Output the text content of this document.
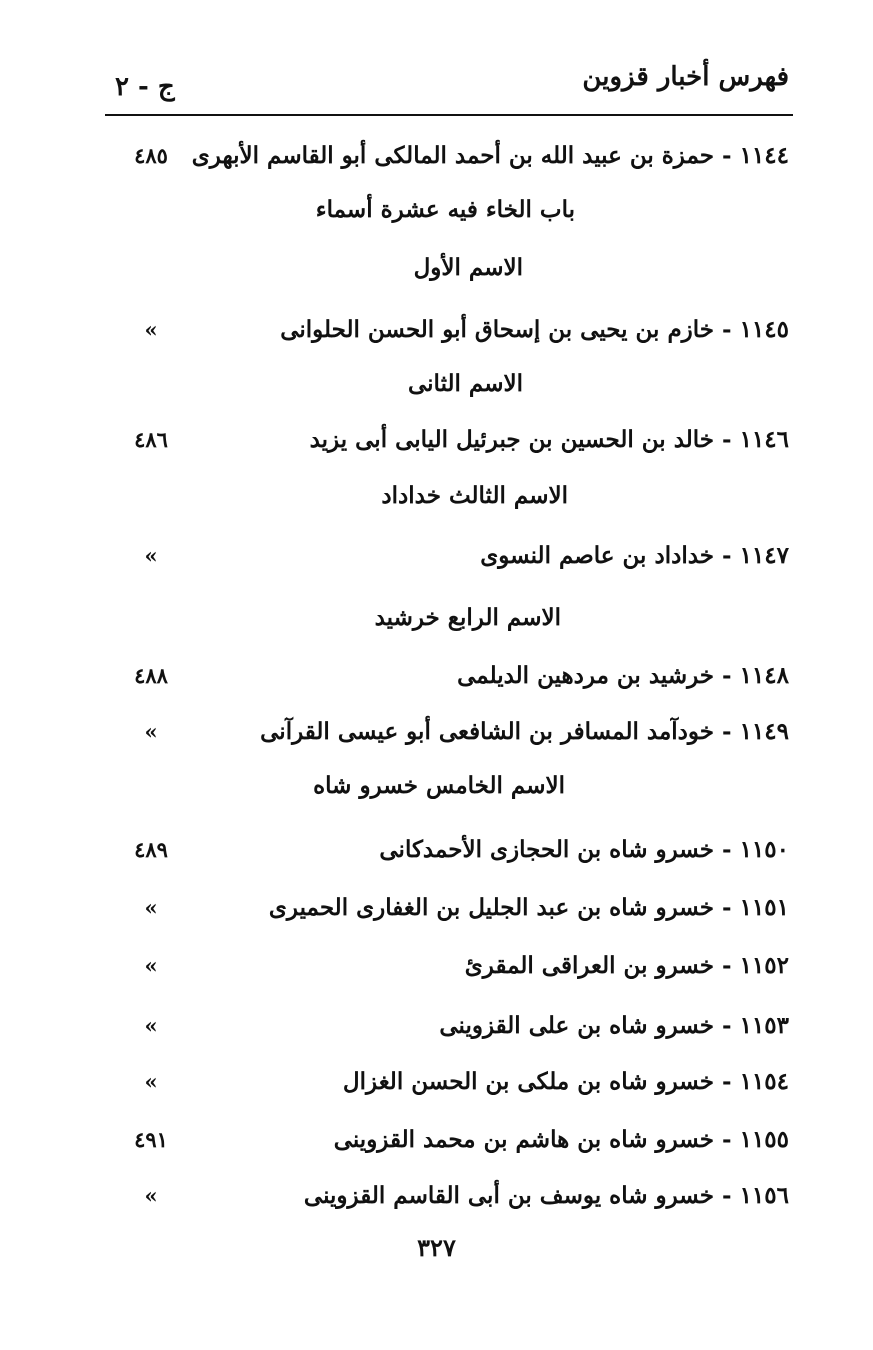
فهرس أخبار قزوين
ج - ٢
١١٤٤ - حمزة بن عبيد الله بن أحمد المالكى أبو القاسم الأبهرى
٤٨٥
باب الخاء فيه عشرة أسماء
الاسم الأول
١١٤٥ - خازم بن يحيى بن إسحاق أبو الحسن الحلوانى
»
الاسم الثانى
١١٤٦ - خالد بن الحسين بن جبرئيل اليابى أبى يزيد
٤٨٦
الاسم الثالث خداداد
١١٤٧ - خداداد بن عاصم النسوى
»
الاسم الرابع خرشيد
١١٤٨ - خرشيد بن مردهين الديلمى
٤٨٨
١١٤٩ - خودآمد المسافر بن الشافعى أبو عيسى القرآنى
»
الاسم الخامس خسرو شاه
١١٥٠ - خسرو شاه بن الحجازى الأحمدكانى
٤٨٩
١١٥١ - خسرو شاه بن عبد الجليل بن الغفارى الحميرى
»
١١٥٢ - خسرو بن العراقى المقرئ
»
١١٥٣ - خسرو شاه بن على القزوينى
»
١١٥٤ - خسرو شاه بن ملكى بن الحسن الغزال
»
١١٥٥ - خسرو شاه بن هاشم بن محمد القزوينى
٤٩١
١١٥٦ - خسرو شاه يوسف بن أبى القاسم القزوينى
»
٣٢٧
